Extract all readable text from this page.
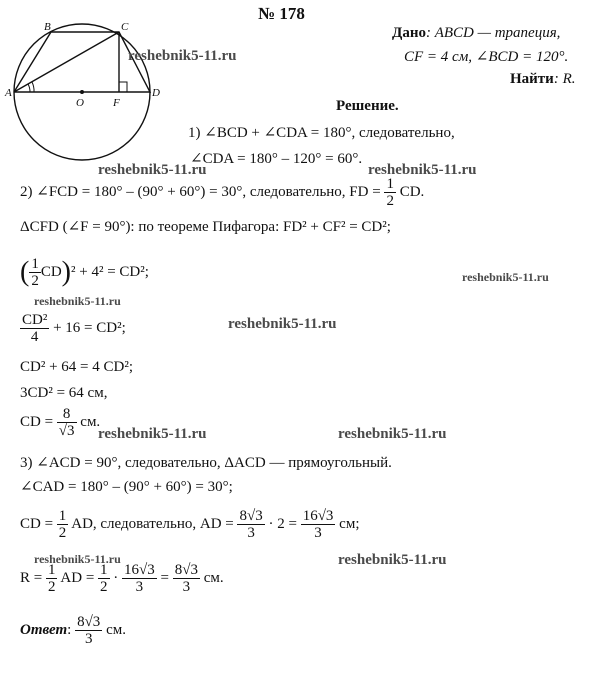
A
B	C
D
O	F
№ 178
Дано: ABCD — трапеция,
CF = 4 см, ∠BCD = 120°.
Найти: R.
Решение.
1) ∠BCD + ∠CDA = 180°, следовательно,
∠CDA = 180° – 120° = 60°.
2) ∠FCD = 180° – (90° + 60°) = 30°, следовательно, FD = $\frac{1}{2}$ CD.
ΔCFD (∠F = 90°): по теореме Пифагора: FD² + CF² = CD²;
( $\frac{1}{2} CD)^2 + 4^2 = CD^2$;
$\frac{\text{CD²}}{4} + 16 = CD^2$;
CD² + 64 = 4 CD²;
3CD² = 64 см,
CD = $\frac{8}{√3}$ см.
3) ∠ACD = 90°, следовательно, ΔACD — прямоугольный.
∠CAD = 180° – (90° + 60°) = 30°;
CD = $\frac{1}{2}$ AD, следовательно, AD = $\frac{8√3}{3} \cdot 2 = \frac{16√3}{3}$ см;
$R = \frac{1}{2}$ AD = $\frac{1}{2} \cdot \frac{16√3}{3} = \frac{8√3}{3}$ см.
Ответ: $\frac{8√3}{3}$ см.
reshebnik5-11.ru
reshebnik5-11.ru	reshebnik5-11.ru
reshebnik5-11.ru
reshebnik5-11.ru
reshebnik5-11.ru
reshebnik5-11.ru	reshebnik5-11.ru
reshebnik5-11.ru	reshebnik5-11.ru
